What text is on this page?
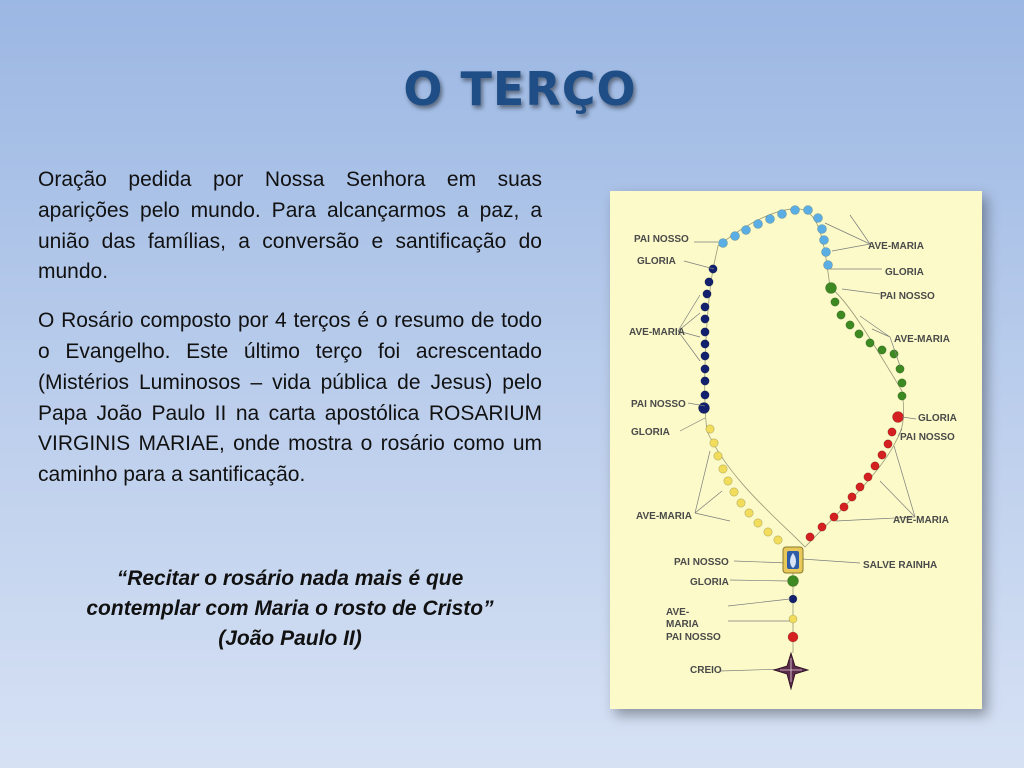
O TERÇO

Oração pedida por Nossa Senhora em suas aparições pelo mundo. Para alcançarmos a paz, a união das famílias, a conversão e santificação do mundo.

O Rosário composto por 4 terços é o resumo de todo o Evangelho. Este último terço foi acrescentado (Mistérios Luminosos – vida pública de Jesus) pelo Papa João Paulo II na carta apostólica ROSARIUM VIRGINIS MARIAE, onde mostra o rosário como um caminho para a santificação.

“Recitar o rosário nada mais é que
contemplar com Maria o rosto de Cristo”
(João Paulo II)
PAI NOSSO
GLORIA
AVE-MARIA
PAI NOSSO
GLORIA
AVE-MARIA
PAI NOSSO
GLORIA
AVE-
MARIA
PAI NOSSO
CREIO
AVE-MARIA
GLORIA
PAI NOSSO
AVE-MARIA
GLORIA
PAI NOSSO
AVE-MARIA
SALVE RAINHA
